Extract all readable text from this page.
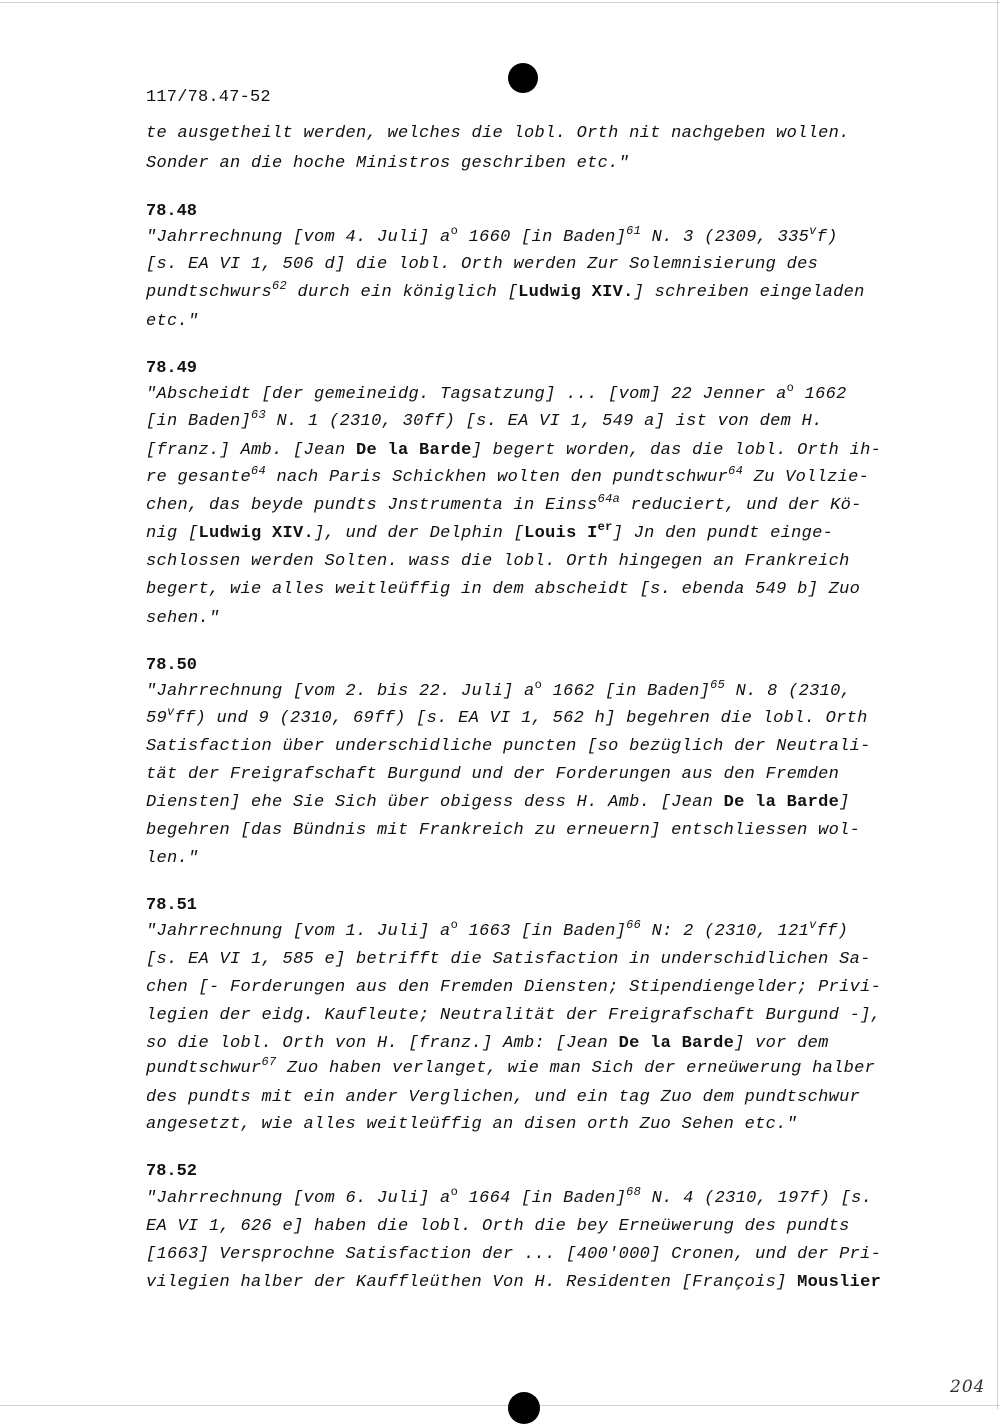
117/78.47-52
te ausgetheilt werden, welches die lobl. Orth nit nachgeben wollen.
Sonder an die hoche Ministros geschriben etc."
78.48
"Jahrrechnung [vom 4. Juli] $a^o$ 1660 [in Baden]$^{61}$ N. 3 (2309, 335$^v$f)
[s. EA VI 1, 506 d] die lobl. Orth werden Zur Solemnisierung des
pundtschwurs$^{62}$ durch ein königlich [Ludwig XIV.] schreiben eingeladen
etc."
78.49
"Abscheidt [der gemeineidg. Tagsatzung] ... [vom] 22 Jenner $a^o$ 1662
[in Baden]$^{63}$ N. 1 (2310, 30ff) [s. EA VI 1, 549 a] ist von dem H.
[franz.] Amb. [Jean De la Barde] begert worden, das die lobl. Orth ih-
re gesante$^{64}$ nach Paris Schickhen wolten den pundtschwur$^{64}$ Zu Vollzie-
chen, das beyde pundts Jnstrumenta in Einss$^{64a}$ reduciert, und der Kö-
nig [Ludwig XIV.], und der Delphin [Louis Ier] Jn den pundt einge-
schlossen werden Solten. wass die lobl. Orth hingegen an Frankreich
begert, wie alles weitleüffig in dem abscheidt [s. ebenda 549 b] Zuo
sehen."
78.50
"Jahrrechnung [vom 2. bis 22. Juli] $a^o$ 1662 [in Baden]$^{65}$ N. 8 (2310,
59$^v$ff) und 9 (2310, 69ff) [s. EA VI 1, 562 h] begehren die lobl. Orth
Satisfaction über underschidliche puncten [so bezüglich der Neutrali-
tät der Freigrafschaft Burgund und der Forderungen aus den Fremden
Diensten] ehe Sie Sich über obigess dess H. Amb. [Jean De la Barde]
begehren [das Bündnis mit Frankreich zu erneuern] entschliessen wol-
len."
78.51
"Jahrrechnung [vom 1. Juli] $a^o$ 1663 [in Baden]$^{66}$ N: 2 (2310, 121$^v$ff)
[s. EA VI 1, 585 e] betrifft die Satisfaction in underschidlichen Sa-
chen [- Forderungen aus den Fremden Diensten; Stipendiengelder; Privi-
legien der eidg. Kaufleute; Neutralität der Freigrafschaft Burgund -],
so die lobl. Orth von H. [franz.] Amb: [Jean De la Barde] vor dem
pundtschwur$^{67}$ Zuo haben verlanget, wie man Sich der erneüwerung halber
des pundts mit ein ander Verglichen, und ein tag Zuo dem pundtschwur
angesetzt, wie alles weitleüffig an disen orth Zuo Sehen etc."
78.52
"Jahrrechnung [vom 6. Juli] $a^o$ 1664 [in Baden]$^{68}$ N. 4 (2310, 197f) [s.
EA VI 1, 626 e] haben die lobl. Orth die bey Erneüwerung des pundts
[1663] Versprochne Satisfaction der ... [400'000] Cronen, und der Pri-
vilegien halber der Kauffleüthen Von H. Residenten [François] Mouslier
204
